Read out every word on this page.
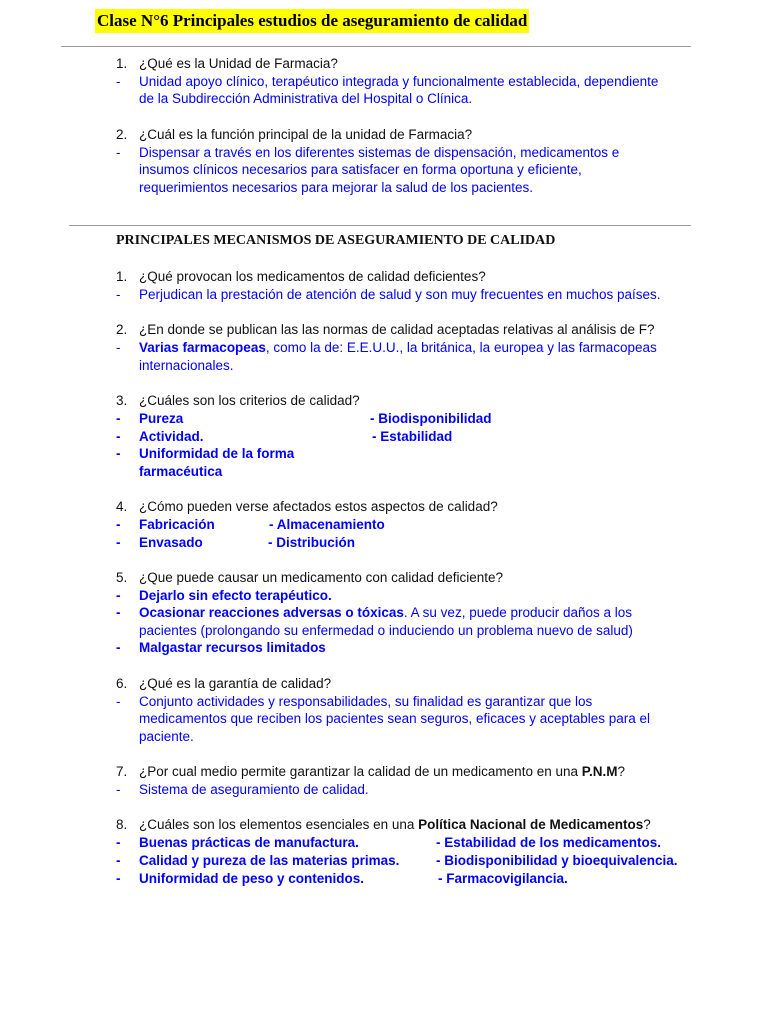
Clase N°6 Principales estudios de aseguramiento de calidad
1. ¿Qué es la Unidad de Farmacia?
- Unidad apoyo clínico, terapéutico integrada y funcionalmente establecida, dependiente
de la Subdirección Administrativa del Hospital o Clínica.
2. ¿Cuál es la función principal de la unidad de Farmacia?
- Dispensar a través en los diferentes sistemas de dispensación, medicamentos e
insumos clínicos necesarios para satisfacer en forma oportuna y eficiente,
requerimientos necesarios para mejorar la salud de los pacientes.
PRINCIPALES MECANISMOS DE ASEGURAMIENTO DE CALIDAD
1. ¿Qué provocan los medicamentos de calidad deficientes?
- Perjudican la prestación de atención de salud y son muy frecuentes en muchos países.
2. ¿En donde se publican las las normas de calidad aceptadas relativas al análisis de F?
- Varias farmacopeas, como la de: E.E.U.U., la británica, la europea y las farmacopeas
internacionales.
3. ¿Cuáles son los criterios de calidad?
- Pureza	- Biodisponibilidad
- Actividad.	- Estabilidad
- Uniformidad de la forma
farmacéutica
4. ¿Cómo pueden verse afectados estos aspectos de calidad?
- Fabricación	- Almacenamiento
- Envasado	- Distribución
5. ¿Que puede causar un medicamento con calidad deficiente?
- Dejarlo sin efecto terapéutico.
- Ocasionar reacciones adversas o tóxicas. A su vez, puede producir daños a los
pacientes (prolongando su enfermedad o induciendo un problema nuevo de salud)
- Malgastar recursos limitados
6. ¿Qué es la garantía de calidad?
- Conjunto actividades y responsabilidades, su finalidad es garantizar que los
medicamentos que reciben los pacientes sean seguros, eficaces y aceptables para el
paciente.
7. ¿Por cual medio permite garantizar la calidad de un medicamento en una P.N.M?
- Sistema de aseguramiento de calidad.
8. ¿Cuáles son los elementos esenciales en una Política Nacional de Medicamentos?
- Buenas prácticas de manufactura.	- Estabilidad de los medicamentos.
- Calidad y pureza de las materias primas.	- Biodisponibilidad y bioequivalencia.
- Uniformidad de peso y contenidos.	- Farmacovigilancia.
